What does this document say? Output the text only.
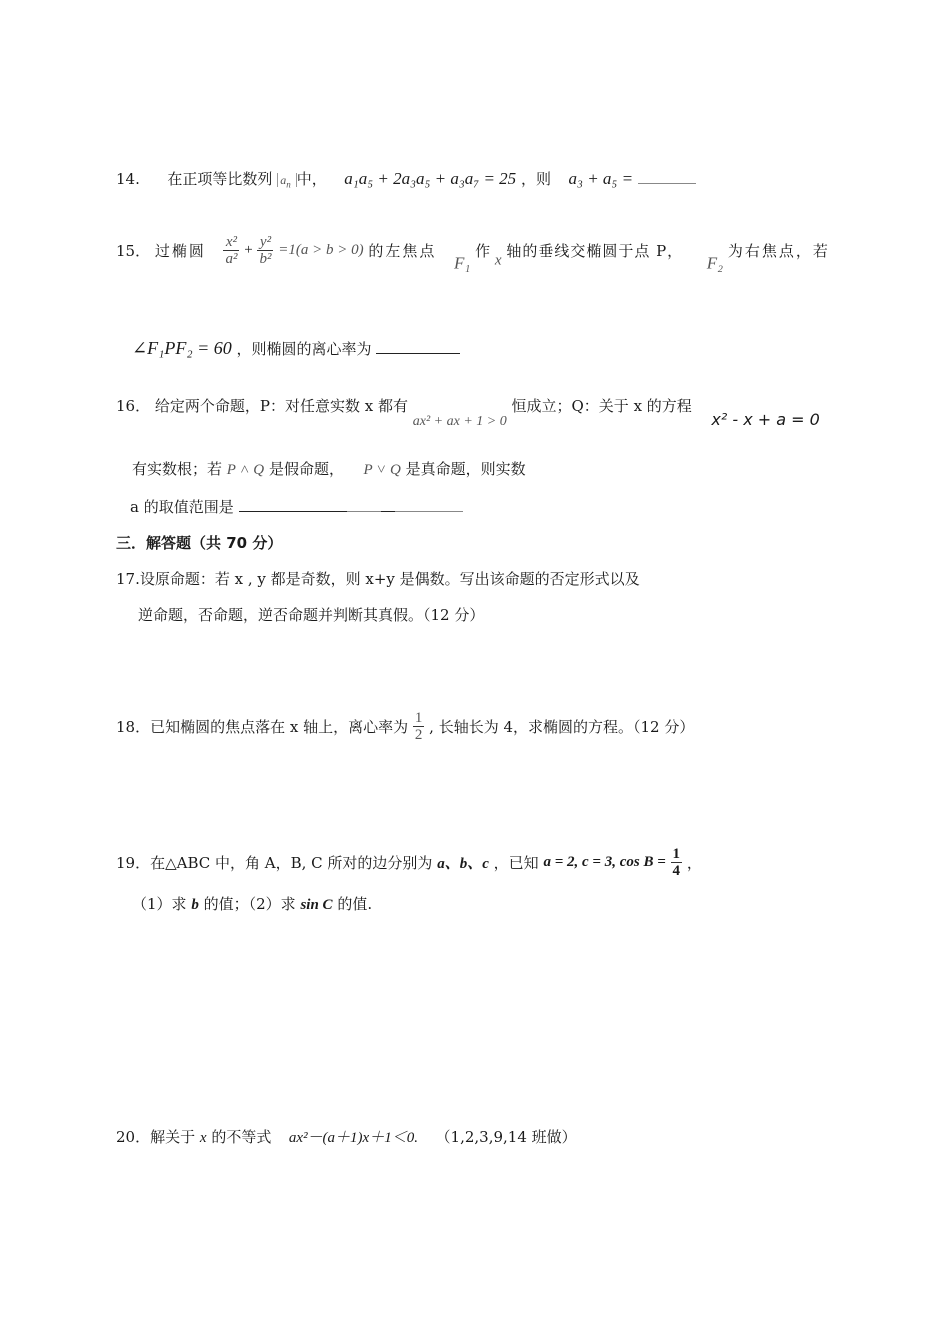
14. 在正项等比数列 $a_n$ 中， a₁a₅ + 2a₃a₅ + a₃a₇ = 25 ，则 a₃ + a₅ =
15． 过椭圆 $\frac{\text{x²}}{\text{a²}} + \frac{\text{y²}}{\text{b²}} =1(a > b > 0)$ 的左焦点  F₁ 作 x 轴的垂线交椭圆于点 P，  F₂ 为右焦点，若
∠F₁PF₂ = 60 ，则椭圆的离心率为
16． 给定两个命题，P：对任意实数 x 都有 ax² + ax + 1 > 0 恒成立；Q：关于 x 的方程  x² - x + a = 0
有实数根；若 P ˄ Q 是假命题， P ˅ Q 是真命题，则实数
a 的取值范围是
三．解答题（共 70 分）
17.设原命题：若 x , y 都是奇数，则 x+y 是偶数。写出该命题的否定形式以及
逆命题，否命题，逆否命题并判断其真假。（12 分）
18．已知椭圆的焦点落在 x 轴上，离心率为 $\frac{1}{2}$ , 长轴长为 4，求椭圆的方程。（12 分）
19．在△ABC 中，角 A，B, C 所对的边分别为 a、b、c ，已知 a = 2, c = 3, $\cos B = \frac{1}{4}$ ，
（1）求 b 的值；（2）求 sin C 的值.
20．解关于 x 的不等式 ax²－(a＋1)x＋1＜0. （1,2,3,9,14 班做）
